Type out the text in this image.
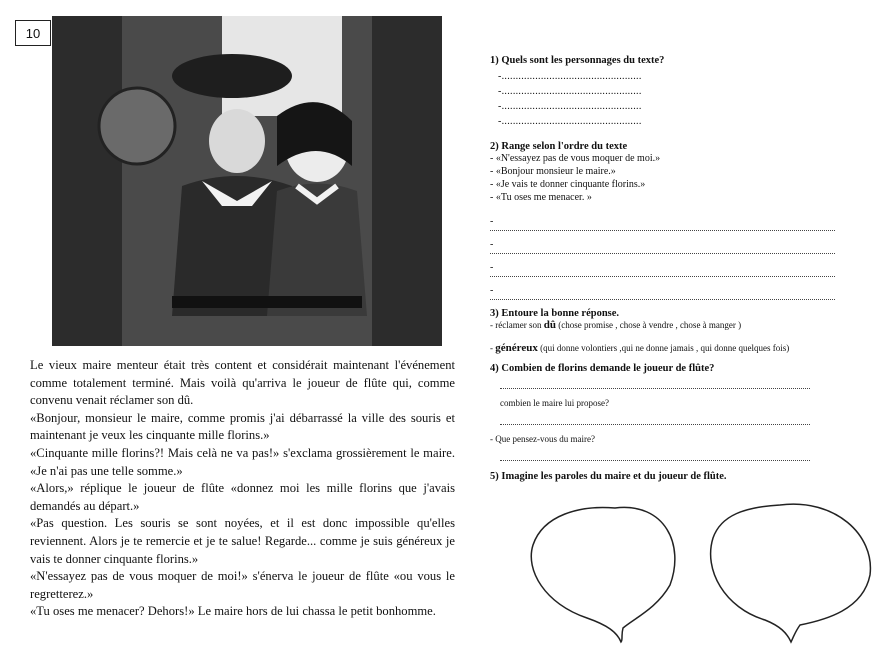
10

Le vieux maire menteur était très content et considérait maintenant l'événement comme totalement terminé. Mais voilà qu'arriva le joueur de flûte qui, comme convenu venait réclamer son dû.

«Bonjour, monsieur le maire, comme promis j'ai débarrassé la ville des souris et maintenant je veux les cinquante mille florins.»

«Cinquante mille florins?! Mais celà ne va pas!» s'exclama grossièrement le maire. «Je n'ai pas une telle somme.»

«Alors,» réplique le joueur de flûte «donnez moi les mille florins que j'avais demandés au départ.»

«Pas question. Les souris se sont noyées, et il est donc impossible qu'elles reviennent. Alors je te remercie et je te salue! Regarde... comme je suis généreux je vais te donner cinquante florins.»

«N'essayez pas de vous moquer de moi!» s'énerva le joueur de flûte «ou vous le regretterez.»

«Tu oses me menacer? Dehors!» Le maire hors de lui chassa le petit bonhomme.

1) Quels sont les personnages du texte?

-..................................................

-..................................................

-..................................................

-..................................................

2) Range selon l'ordre du texte

- «N'essayez pas de vous moquer de moi.»

- «Bonjour monsieur le maire.»

- «Je vais te donner cinquante florins.»

- «Tu oses me menacer. »

-
-
-
-

3) Entoure la bonne réponse.

- réclamer son dû (chose promise , chose à vendre , chose à manger )

- généreux (qui donne volontiers ,qui ne donne jamais , qui donne quelques fois)

4) Combien de florins demande le joueur de flûte?

combien le maire lui propose?

- Que pensez-vous du maire?

5) Imagine les paroles du maire et du joueur de flûte.
